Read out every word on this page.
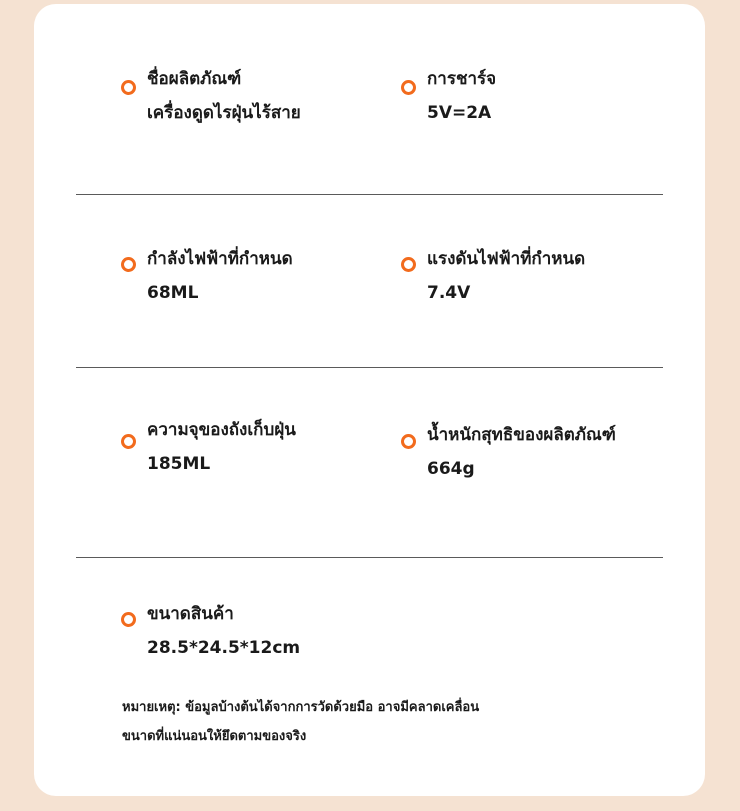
ชื่อผลิตภัณฑ์
เครื่องดูดไรฝุ่นไร้สาย
การชาร์จ
5V=2A
กำลังไฟฟ้าที่กำหนด
68ML
แรงดันไฟฟ้าที่กำหนด
7.4V
ความจุของถังเก็บฝุ่น
185ML
น้ำหนักสุทธิของผลิตภัณฑ์
664g
ขนาดสินค้า
28.5*24.5*12cm
หมายเหตุ: ข้อมูลบ้างต้นได้จากการวัดด้วยมือ อาจมีคลาดเคลื่อน
ขนาดที่แน่นอนให้ยึดตามของจริง
